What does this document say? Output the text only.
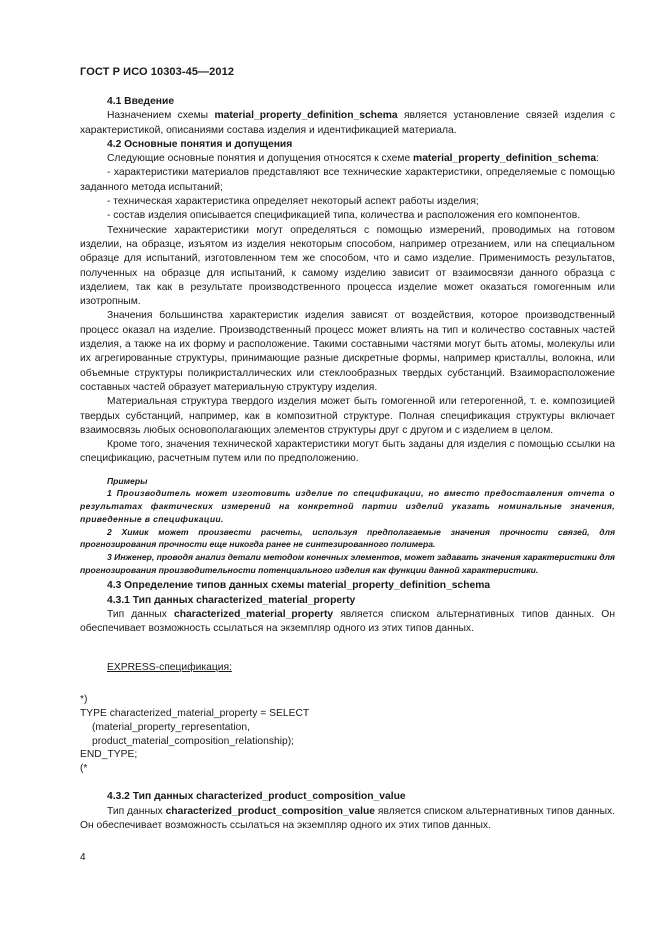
ГОСТ Р ИСО 10303-45—2012
4.1 Введение
Назначением схемы material_property_definition_schema является установление связей изделия с характеристикой, описаниями состава изделия и идентификацией материала.
4.2 Основные понятия и допущения
Следующие основные понятия и допущения относятся к схеме material_property_definition_schema:
- характеристики материалов представляют все технические характеристики, определяемые с помощью заданного метода испытаний;
- техническая характеристика определяет некоторый аспект работы изделия;
- состав изделия описывается спецификацией типа, количества и расположения его компонентов.
Технические характеристики могут определяться с помощью измерений, проводимых на готовом изделии, на образце, изъятом из изделия некоторым способом, например отрезанием, или на специальном образце для испытаний, изготовленном тем же способом, что и само изделие. Применимость результатов, полученных на образце для испытаний, к самому изделию зависит от взаимосвязи данного образца с изделием, так как в результате производственного процесса изделие может оказаться гомогенным или изотропным.
Значения большинства характеристик изделия зависят от воздействия, которое производственный процесс оказал на изделие. Производственный процесс может влиять на тип и количество составных частей изделия, а также на их форму и расположение. Такими составными частями могут быть атомы, молекулы или их агрегированные структуры, принимающие разные дискретные формы, например кристаллы, волокна, или объемные структуры поликристаллических или стеклообразных твердых субстанций. Взаиморасположение составных частей образует материальную структуру изделия.
Материальная структура твердого изделия может быть гомогенной или гетерогенной, т. е. композицией твердых субстанций, например, как в композитной структуре. Полная спецификация структуры включает взаимосвязь любых основополагающих элементов структуры друг с другом и с изделием в целом.
Кроме того, значения технической характеристики могут быть заданы для изделия с помощью ссылки на спецификацию, расчетным путем или по предположению.
Примеры
1 Производитель может изготовить изделие по спецификации, но вместо предоставления отчета о результатах фактических измерений на конкретной партии изделий указать номинальные значения, приведенные в спецификации.
2 Химик может произвести расчеты, используя предполагаемые значения прочности связей, для прогнозирования прочности еще никогда ранее не синтезированного полимера.
3 Инженер, проводя анализ детали методом конечных элементов, может задавать значения характеристики для прогнозирования производительности потенциального изделия как функции данной характеристики.
4.3 Определение типов данных схемы material_property_definition_schema
4.3.1 Тип данных characterized_material_property
Тип данных characterized_material_property является списком альтернативных типов данных. Он обеспечивает возможность ссылаться на экземпляр одного из этих типов данных.
EXPRESS-спецификация:
*)
TYPE characterized_material_property = SELECT
(material_property_representation,
product_material_composition_relationship);
END_TYPE;
(*
4.3.2 Тип данных characterized_product_composition_value
Тип данных characterized_product_composition_value является списком альтернативных типов данных. Он обеспечивает возможность ссылаться на экземпляр одного их этих типов данных.
4
